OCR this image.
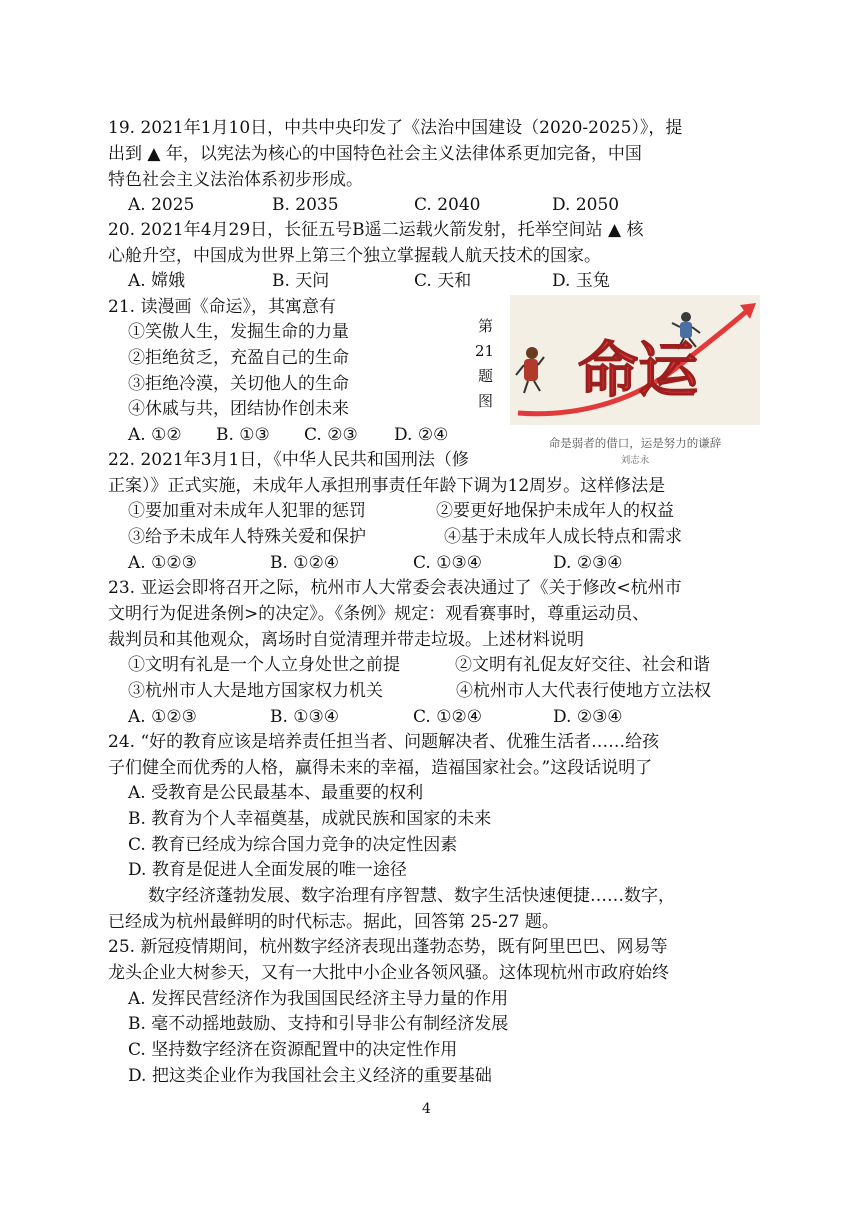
19. 2021年1月10日，中共中央印发了《法治中国建设（2020-2025）》，提
出到 ▲ 年，以宪法为核心的中国特色社会主义法律体系更加完备，中国
特色社会主义法治体系初步形成。
A. 2025	B. 2035	C. 2040	D. 2050
20. 2021年4月29日，长征五号B遥二运载火箭发射，托举空间站 ▲ 核
心舱升空，中国成为世界上第三个独立掌握载人航天技术的国家。
A. 嫦娥	B. 天问	C. 天和	D. 玉兔
21. 读漫画《命运》，其寓意有
①笑傲人生，发掘生命的力量
②拒绝贫乏，充盈自己的生命
③拒绝冷漠，关切他人的生命
④休戚与共，团结协作创未来
A. ①② B. ①③ C. ②③ D. ②④
第
21
题
图 命运
命是弱者的借口，运是努力的谦辞
刘志永
22. 2021年3月1日，《中华人民共和国刑法（修
正案）》正式实施，未成年人承担刑事责任年龄下调为12周岁。这样修法是
①要加重对未成年人犯罪的惩罚	②要更好地保护未成年人的权益
③给予未成年人特殊关爱和保护	④基于未成年人成长特点和需求
A. ①②③	B. ①②④	C. ①③④	D. ②③④
23. 亚运会即将召开之际，杭州市人大常委会表决通过了《关于修改<杭州市
文明行为促进条例>的决定》。《条例》规定：观看赛事时，尊重运动员、
裁判员和其他观众，离场时自觉清理并带走垃圾。上述材料说明
①文明有礼是一个人立身处世之前提	②文明有礼促友好交往、社会和谐
③杭州市人大是地方国家权力机关	④杭州市人大代表行使地方立法权
A. ①②③	B. ①③④	C. ①②④	D. ②③④
24. “好的教育应该是培养责任担当者、问题解决者、优雅生活者……给孩
子们健全而优秀的人格，赢得未来的幸福，造福国家社会。”这段话说明了
A. 受教育是公民最基本、最重要的权利
B. 教育为个人幸福奠基，成就民族和国家的未来
C. 教育已经成为综合国力竞争的决定性因素
D. 教育是促进人全面发展的唯一途径
数字经济蓬勃发展、数字治理有序智慧、数字生活快速便捷……数字，
已经成为杭州最鲜明的时代标志。据此，回答第 25-27 题。
25. 新冠疫情期间，杭州数字经济表现出蓬勃态势，既有阿里巴巴、网易等
龙头企业大树参天，又有一大批中小企业各领风骚。这体现杭州市政府始终
A. 发挥民营经济作为我国国民经济主导力量的作用
B. 毫不动摇地鼓励、支持和引导非公有制经济发展
C. 坚持数字经济在资源配置中的决定性作用
D. 把这类企业作为我国社会主义经济的重要基础
4
